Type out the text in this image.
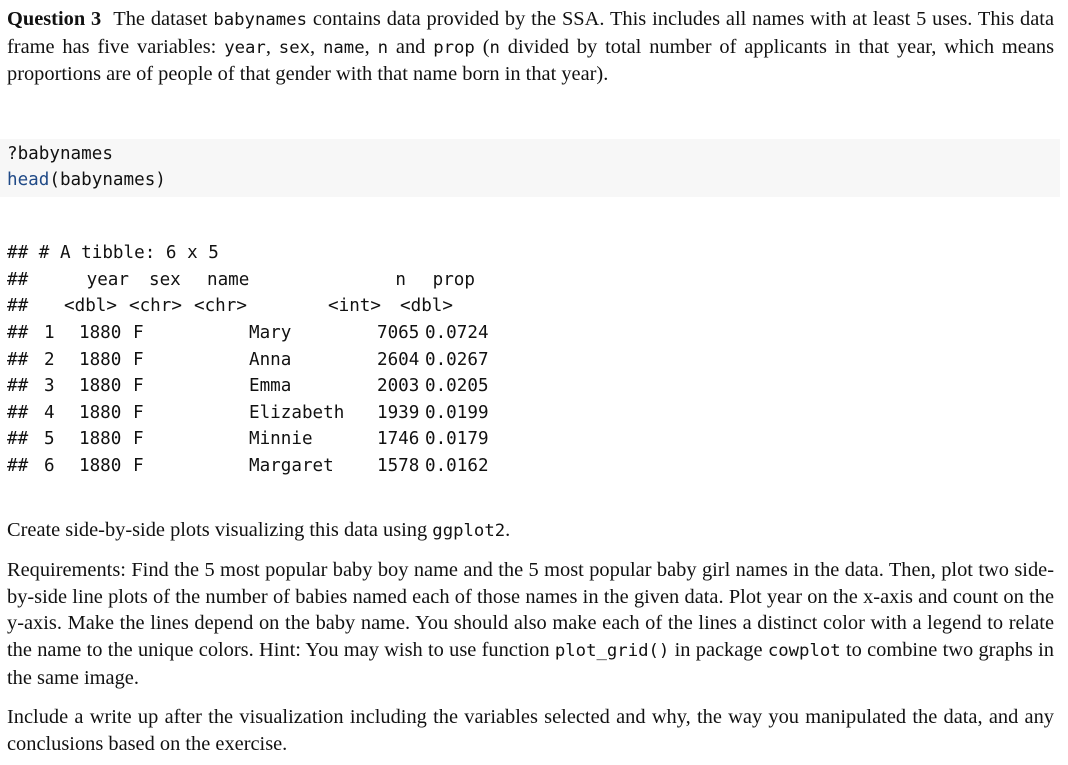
Question 3 The dataset babynames contains data provided by the SSA. This includes all names with at least 5 uses. This data frame has five variables: year, sex, name, n and prop (n divided by total number of applicants in that year, which means proportions are of people of that gender with that name born in that year).
?babynames
head(babynames)
## # A tibble: 6 x 5
##	year sex name	n prop
## <dbl> <chr> <chr>	<int> <dbl>
## 1 1880 F	Mary	7065 0.0724
## 2 1880 F	Anna	2604 0.0267
## 3 1880 F	Emma	2003 0.0205
## 4 1880 F	Elizabeth 1939 0.0199
## 5 1880 F	Minnie	1746 0.0179
## 6 1880 F	Margaret 1578 0.0162
Create side-by-side plots visualizing this data using ggplot2.
Requirements: Find the 5 most popular baby boy name and the 5 most popular baby girl names in the data. Then, plot two side-by-side line plots of the number of babies named each of those names in the given data. Plot year on the x-axis and count on the y-axis. Make the lines depend on the baby name. You should also make each of the lines a distinct color with a legend to relate the name to the unique colors. Hint: You may wish to use function plot_grid() in package cowplot to combine two graphs in the same image.
Include a write up after the visualization including the variables selected and why, the way you manipulated the data, and any conclusions based on the exercise.
